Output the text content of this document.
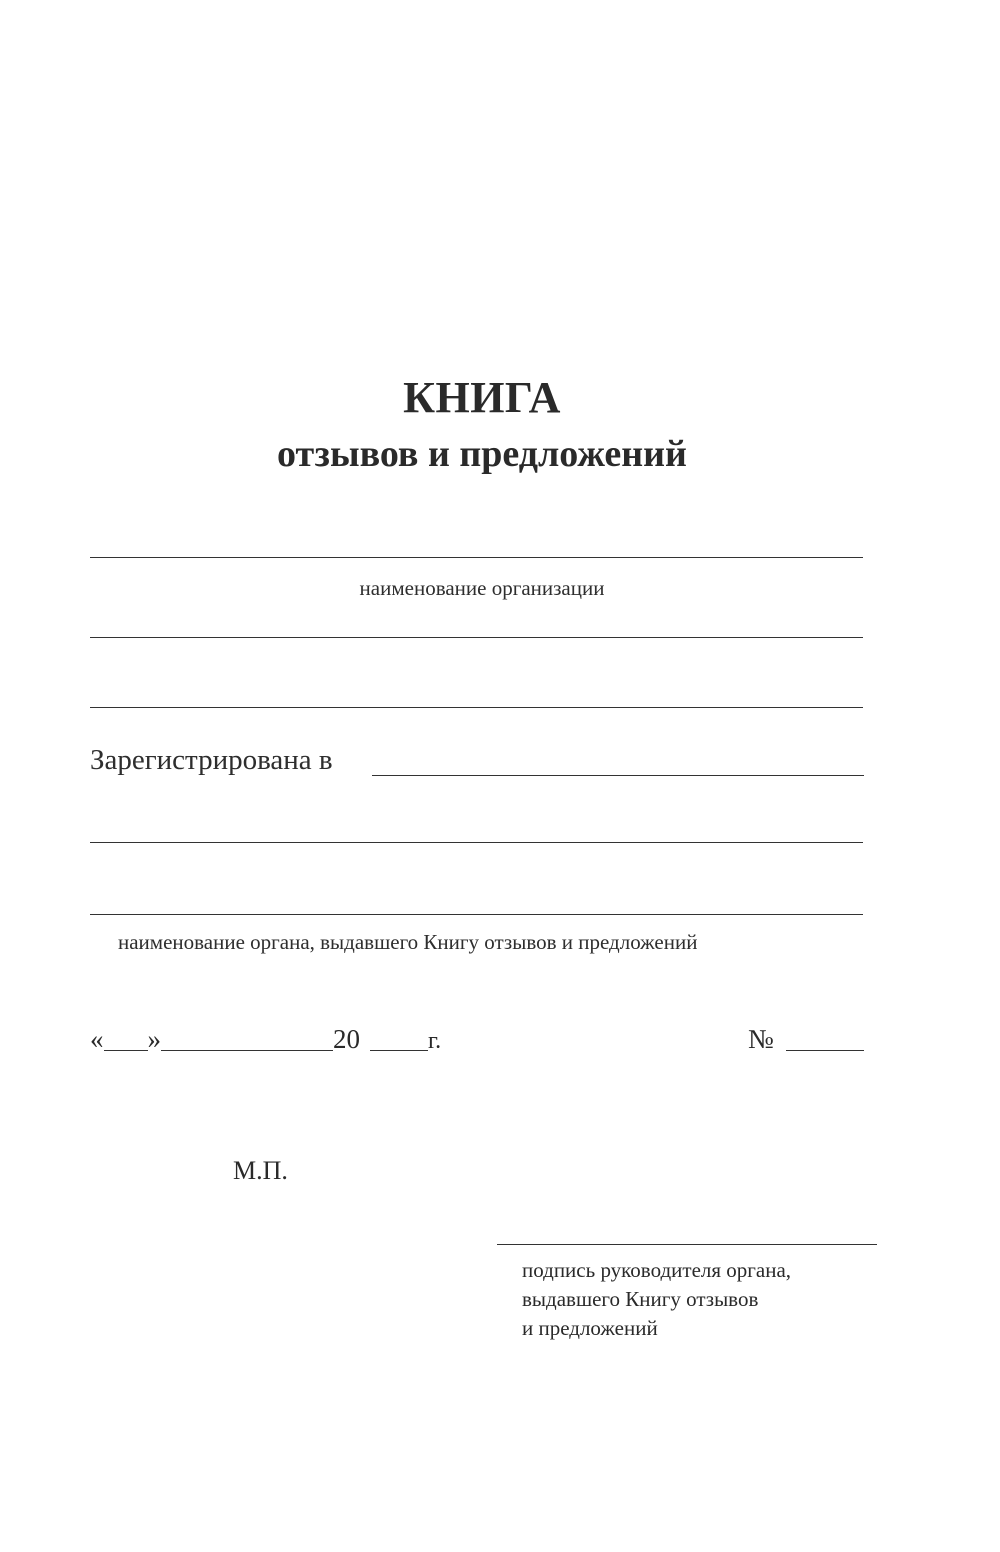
КНИГА
отзывов и предложений
наименование организации
Зарегистрирована в
наименование органа, выдавшего Книгу отзывов и предложений
« »	20	г.	№
М.П.
подпись руководителя органа,
выдавшего Книгу отзывов
и предложений
